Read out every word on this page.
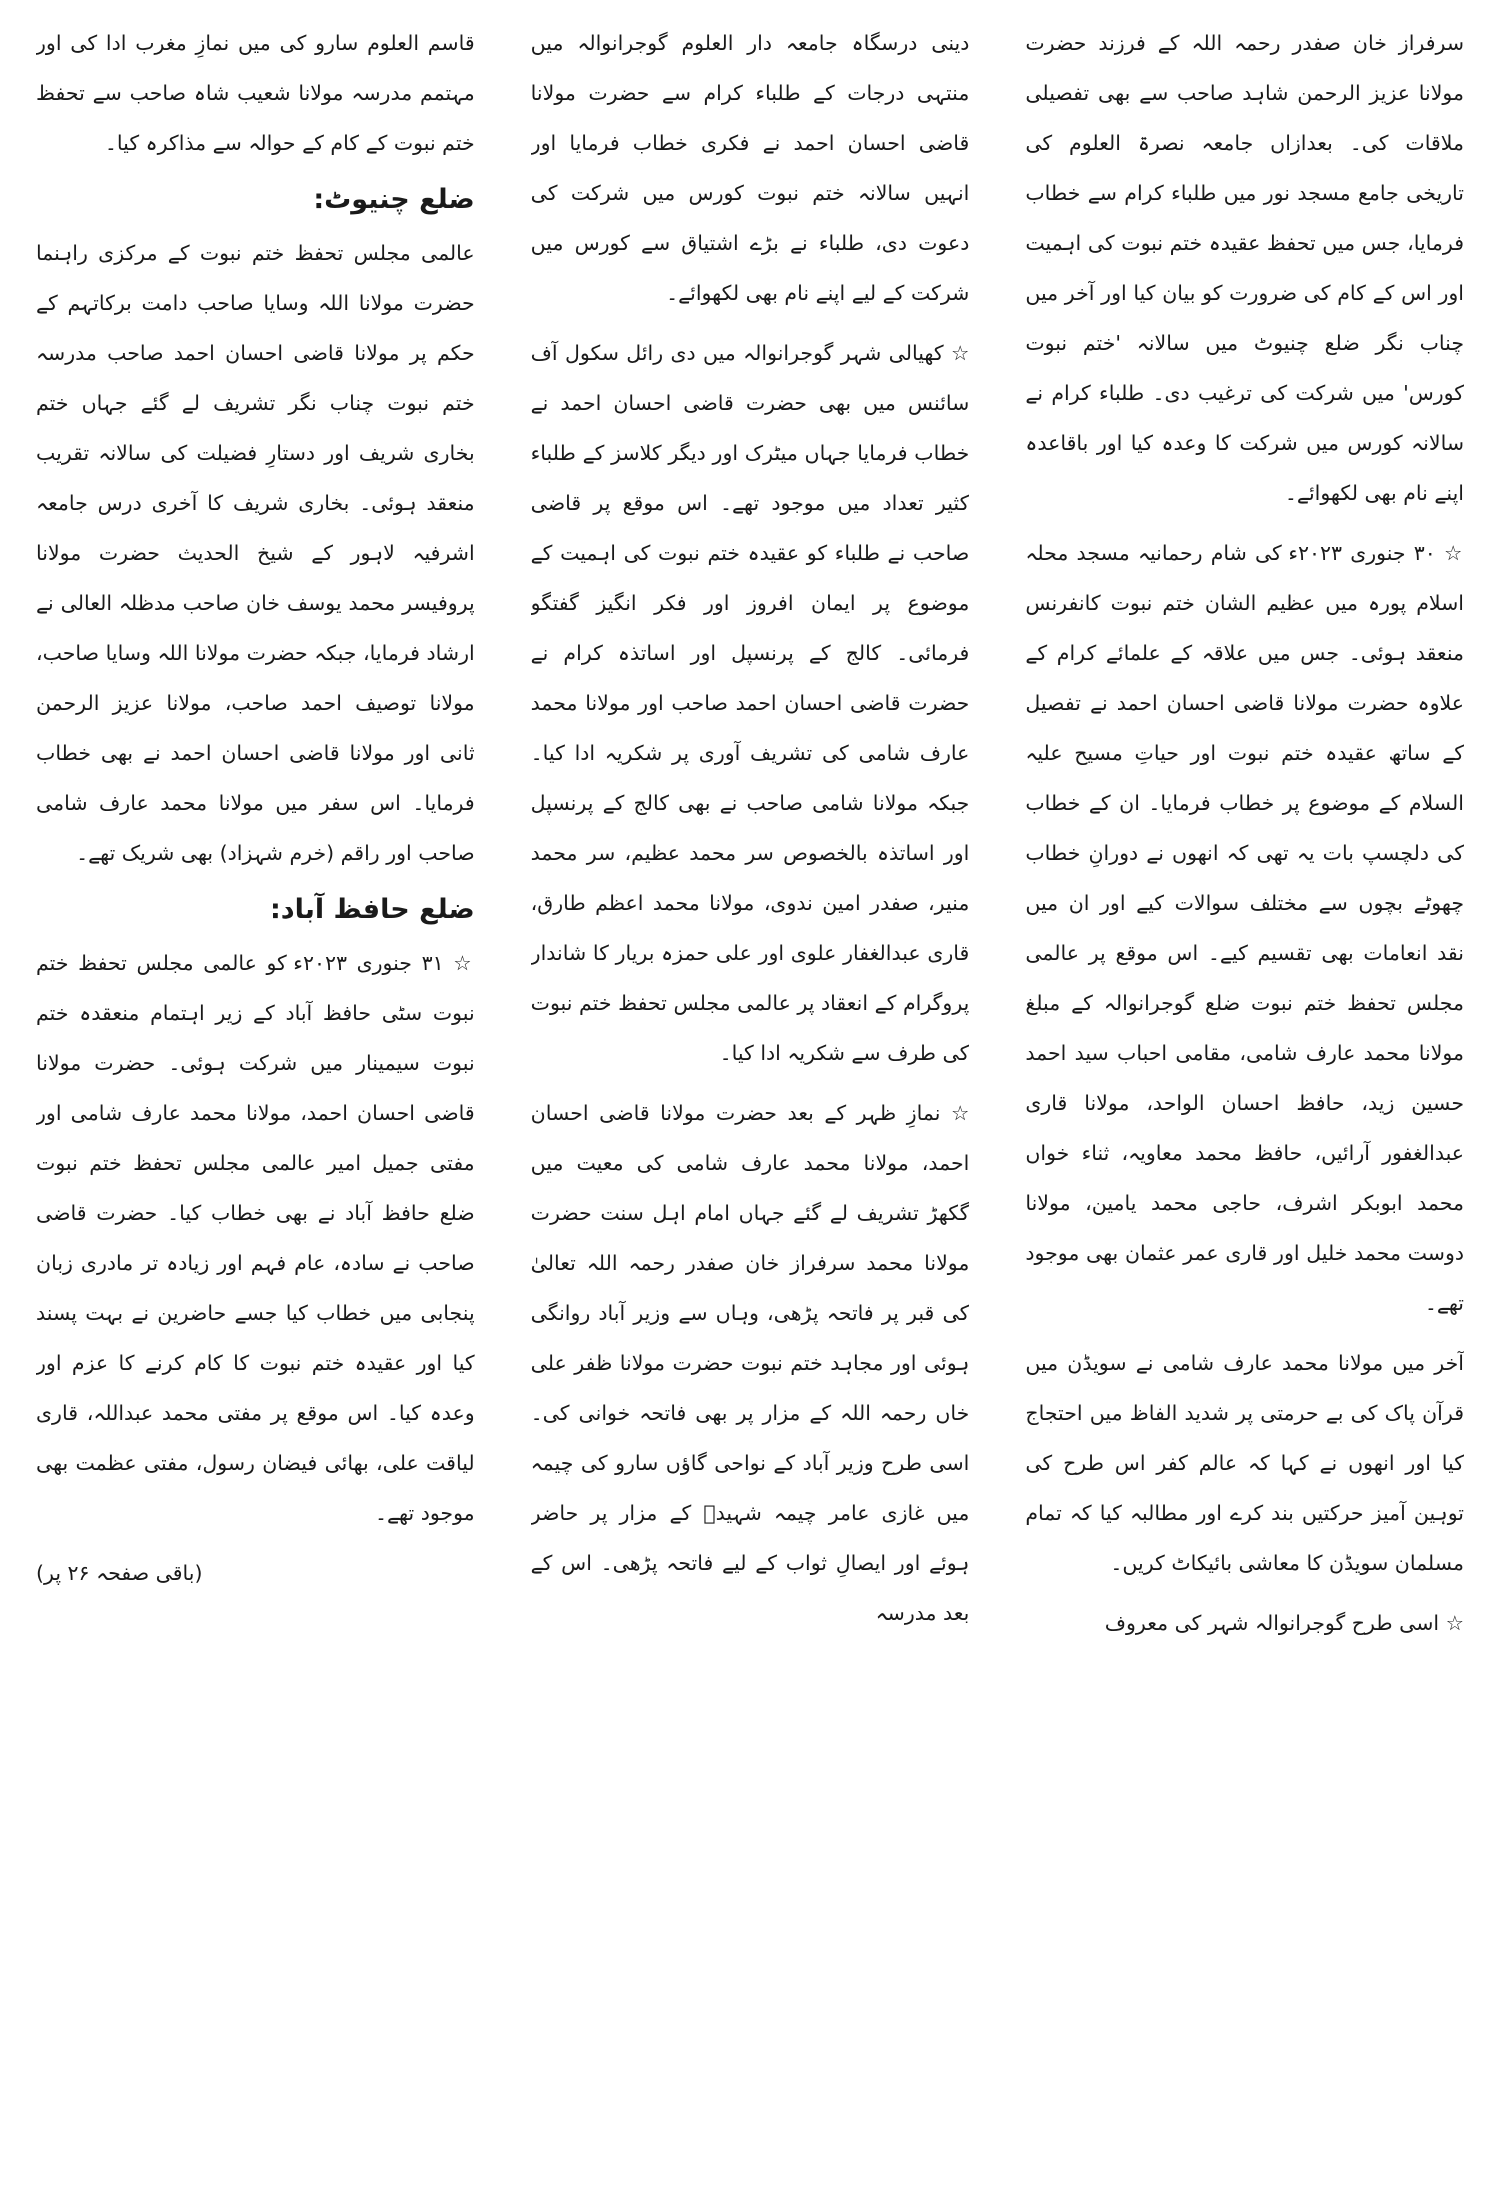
سرفراز خان صفدر رحمہ اللہ کے فرزند حضرت مولانا عزیز الرحمن شاہد صاحب سے بھی تفصیلی ملاقات کی۔ بعدازاں جامعہ نصرۃ العلوم کی تاریخی جامع مسجد نور میں طلباء کرام سے خطاب فرمایا، جس میں تحفظ عقیدہ ختم نبوت کی اہمیت اور اس کے کام کی ضرورت کو بیان کیا اور آخر میں چناب نگر ضلع چنیوٹ میں سالانہ 'ختم نبوت کورس' میں شرکت کی ترغیب دی۔ طلباء کرام نے سالانہ کورس میں شرکت کا وعدہ کیا اور باقاعدہ اپنے نام بھی لکھوائے۔

☆ ۳۰ جنوری ۲۰۲۳ء کی شام رحمانیہ مسجد محلہ اسلام پورہ میں عظیم الشان ختم نبوت کانفرنس منعقد ہوئی۔ جس میں علاقہ کے علمائے کرام کے علاوہ حضرت مولانا قاضی احسان احمد نے تفصیل کے ساتھ عقیدہ ختم نبوت اور حیاتِ مسیح علیہ السلام کے موضوع پر خطاب فرمایا۔ ان کے خطاب کی دلچسپ بات یہ تھی کہ انھوں نے دورانِ خطاب چھوٹے بچوں سے مختلف سوالات کیے اور ان میں نقد انعامات بھی تقسیم کیے۔ اس موقع پر عالمی مجلس تحفظ ختم نبوت ضلع گوجرانوالہ کے مبلغ مولانا محمد عارف شامی، مقامی احباب سید احمد حسین زید، حافظ احسان الواحد، مولانا قاری عبدالغفور آرائیں، حافظ محمد معاویہ، ثناء خواں محمد ابوبکر اشرف، حاجی محمد یامین، مولانا دوست محمد خلیل اور قاری عمر عثمان بھی موجود تھے۔

آخر میں مولانا محمد عارف شامی نے سویڈن میں قرآن پاک کی بے حرمتی پر شدید الفاظ میں احتجاج کیا اور انھوں نے کہا کہ عالم کفر اس طرح کی توہین آمیز حرکتیں بند کرے اور مطالبہ کیا کہ تمام مسلمان سویڈن کا معاشی بائیکاٹ کریں۔

☆ اسی طرح گوجرانوالہ شہر کی معروف

دینی درسگاہ جامعہ دار العلوم گوجرانوالہ میں منتہی درجات کے طلباء کرام سے حضرت مولانا قاضی احسان احمد نے فکری خطاب فرمایا اور انہیں سالانہ ختم نبوت کورس میں شرکت کی دعوت دی، طلباء نے بڑے اشتیاق سے کورس میں شرکت کے لیے اپنے نام بھی لکھوائے۔

☆ کھیالی شہر گوجرانوالہ میں دی رائل سکول آف سائنس میں بھی حضرت قاضی احسان احمد نے خطاب فرمایا جہاں میٹرک اور دیگر کلاسز کے طلباء کثیر تعداد میں موجود تھے۔ اس موقع پر قاضی صاحب نے طلباء کو عقیدہ ختم نبوت کی اہمیت کے موضوع پر ایمان افروز اور فکر انگیز گفتگو فرمائی۔ کالج کے پرنسپل اور اساتذہ کرام نے حضرت قاضی احسان احمد صاحب اور مولانا محمد عارف شامی کی تشریف آوری پر شکریہ ادا کیا۔ جبکہ مولانا شامی صاحب نے بھی کالج کے پرنسپل اور اساتذہ بالخصوص سر محمد عظیم، سر محمد منیر، صفدر امین ندوی، مولانا محمد اعظم طارق، قاری عبدالغفار علوی اور علی حمزہ بریار کا شاندار پروگرام کے انعقاد پر عالمی مجلس تحفظ ختم نبوت کی طرف سے شکریہ ادا کیا۔

☆ نمازِ ظہر کے بعد حضرت مولانا قاضی احسان احمد، مولانا محمد عارف شامی کی معیت میں گکھڑ تشریف لے گئے جہاں امام اہل سنت حضرت مولانا محمد سرفراز خان صفدر رحمہ اللہ تعالیٰ کی قبر پر فاتحہ پڑھی، وہاں سے وزیر آباد روانگی ہوئی اور مجاہد ختم نبوت حضرت مولانا ظفر علی خاں رحمہ اللہ کے مزار پر بھی فاتحہ خوانی کی۔ اسی طرح وزیر آباد کے نواحی گاؤں سارو کی چیمہ میں غازی عامر چیمہ شہیدؒ کے مزار پر حاضر ہوئے اور ایصالِ ثواب کے لیے فاتحہ پڑھی۔ اس کے بعد مدرسہ

قاسم العلوم سارو کی میں نمازِ مغرب ادا کی اور مہتمم مدرسہ مولانا شعیب شاہ صاحب سے تحفظ ختم نبوت کے کام کے حوالہ سے مذاکرہ کیا۔

ضلع چنیوٹ:

عالمی مجلس تحفظ ختم نبوت کے مرکزی راہنما حضرت مولانا اللہ وسایا صاحب دامت برکاتہم کے حکم پر مولانا قاضی احسان احمد صاحب مدرسہ ختم نبوت چناب نگر تشریف لے گئے جہاں ختم بخاری شریف اور دستارِ فضیلت کی سالانہ تقریب منعقد ہوئی۔ بخاری شریف کا آخری درس جامعہ اشرفیہ لاہور کے شیخ الحدیث حضرت مولانا پروفیسر محمد یوسف خان صاحب مدظلہ العالی نے ارشاد فرمایا، جبکہ حضرت مولانا اللہ وسایا صاحب، مولانا توصیف احمد صاحب، مولانا عزیز الرحمن ثانی اور مولانا قاضی احسان احمد نے بھی خطاب فرمایا۔ اس سفر میں مولانا محمد عارف شامی صاحب اور راقم (خرم شہزاد) بھی شریک تھے۔

ضلع حافظ آباد:

☆ ۳۱ جنوری ۲۰۲۳ء کو عالمی مجلس تحفظ ختم نبوت سٹی حافظ آباد کے زیر اہتمام منعقدہ ختم نبوت سیمینار میں شرکت ہوئی۔ حضرت مولانا قاضی احسان احمد، مولانا محمد عارف شامی اور مفتی جمیل امیر عالمی مجلس تحفظ ختم نبوت ضلع حافظ آباد نے بھی خطاب کیا۔ حضرت قاضی صاحب نے سادہ، عام فہم اور زیادہ تر مادری زبان پنجابی میں خطاب کیا جسے حاضرین نے بہت پسند کیا اور عقیدہ ختم نبوت کا کام کرنے کا عزم اور وعدہ کیا۔ اس موقع پر مفتی محمد عبداللہ، قاری لیاقت علی، بھائی فیضان رسول، مفتی عظمت بھی موجود تھے۔

(باقی صفحہ ۲۶ پر)
